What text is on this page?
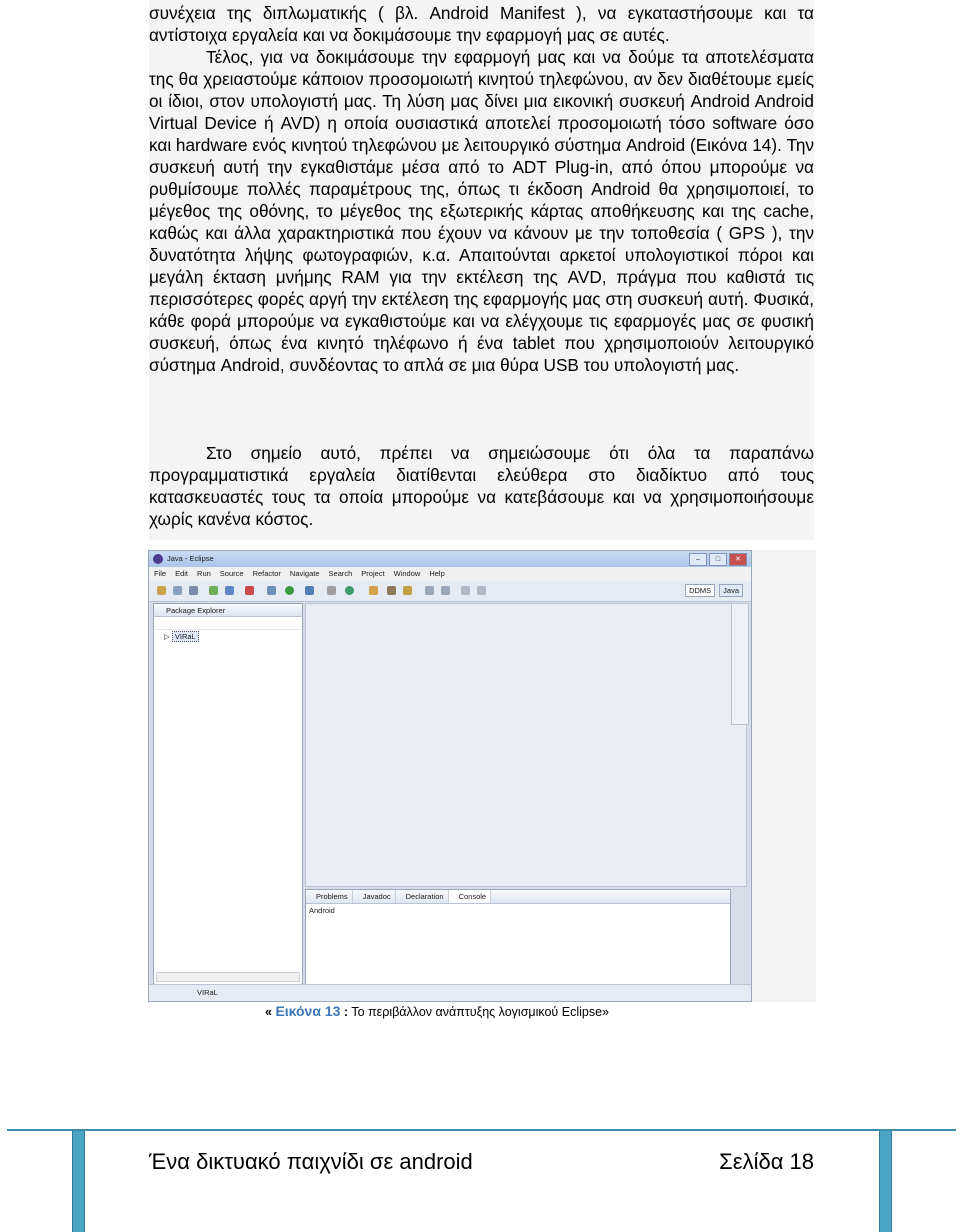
συνέχεια της διπλωματικής ( βλ. Android Manifest ), να εγκαταστήσουμε και τα αντίστοιχα εργαλεία και να δοκιμάσουμε την εφαρμογή μας σε αυτές.

Τέλος, για να δοκιμάσουμε την εφαρμογή μας και να δούμε τα αποτελέσματα της θα χρειαστούμε κάποιον προσομοιωτή κινητού τηλεφώνου, αν δεν διαθέτουμε εμείς οι ίδιοι, στον υπολογιστή μας. Τη λύση μας δίνει μια εικονική συσκευή Android Android Virtual Device ή AVD) η οποία ουσιαστικά αποτελεί προσομοιωτή τόσο software όσο και hardware ενός κινητού τηλεφώνου με λειτουργικό σύστημα Android (Εικόνα 14). Την συσκευή αυτή την εγκαθιστάμε μέσα από το ADT Plug-in, από όπου μπορούμε να ρυθμίσουμε πολλές παραμέτρους της, όπως τι έκδοση Android θα χρησιμοποιεί, το μέγεθος της οθόνης, το μέγεθος της εξωτερικής κάρτας αποθήκευσης και της cache, καθώς και άλλα χαρακτηριστικά που έχουν να κάνουν με την τοποθεσία ( GPS ), την δυνατότητα λήψης φωτογραφιών, κ.α. Απαιτούνται αρκετοί υπολογιστικοί πόροι και μεγάλη έκταση μνήμης RAM για την εκτέλεση της AVD, πράγμα που καθιστά τις περισσότερες φορές αργή την εκτέλεση της εφαρμογής μας στη συσκευή αυτή. Φυσικά, κάθε φορά μπορούμε να εγκαθιστούμε και να ελέγχουμε τις εφαρμογές μας σε φυσική συσκευή, όπως ένα κινητό τηλέφωνο ή ένα tablet που χρησιμοποιούν λειτουργικό σύστημα Android, συνδέοντας το απλά σε μια θύρα USB του υπολογιστή μας.

Στο σημείο αυτό, πρέπει να σημειώσουμε ότι όλα τα παραπάνω προγραμματιστικά εργαλεία διατίθενται ελεύθερα στο διαδίκτυο από τους κατασκευαστές τους τα οποία μπορούμε να κατεβάσουμε και να χρησιμοποιήσουμε χωρίς κανένα κόστος.

Java - Eclipse	–	□	✕
File	Edit	Run	Source	Refactor	Navigate	Search	Project	Window	Help
DDMS	Java
Package Explorer
▷ VIRaL
Problems	Javadoc	Declaration	Console
Android
VIRaL
« Εικόνα 13 : Το περιβάλλον ανάπτυξης λογισμικού Eclipse»
Ένα δικτυακό παιχνίδι σε android	Σελίδα 18
